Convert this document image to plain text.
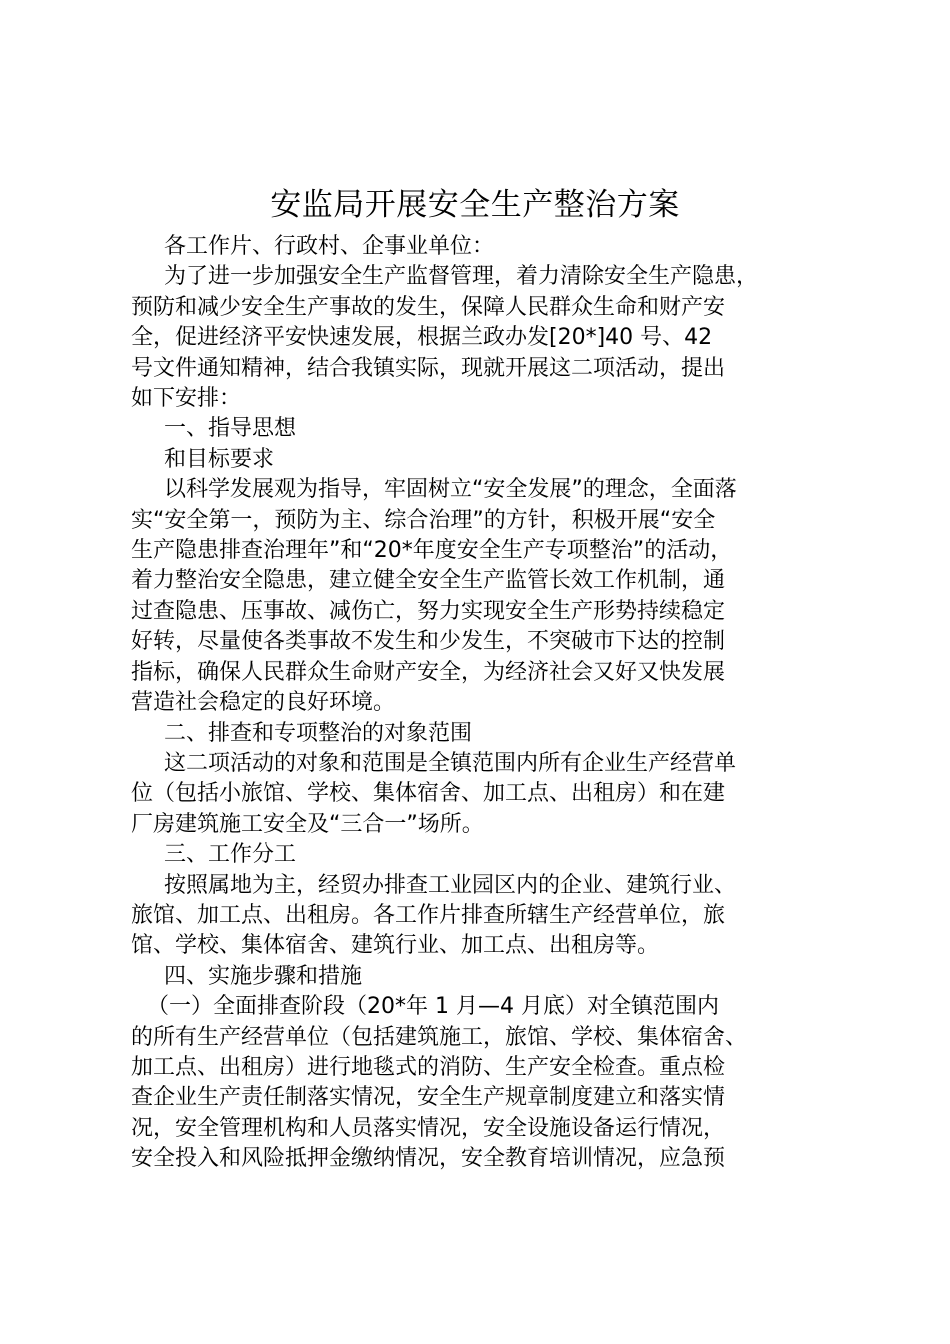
安监局开展安全生产整治方案

各工作片、行政村、企事业单位：

为了进一步加强安全生产监督管理，着力清除安全生产隐患，

预防和减少安全生产事故的发生，保障人民群众生命和财产安

全，促进经济平安快速发展，根据兰政办发[20*]40 号、42

号文件通知精神，结合我镇实际，现就开展这二项活动，提出

如下安排：

一、指导思想

和目标要求

以科学发展观为指导，牢固树立“安全发展”的理念，全面落

实“安全第一，预防为主、综合治理”的方针，积极开展“安全

生产隐患排查治理年”和“20*年度安全生产专项整治”的活动，

着力整治安全隐患，建立健全安全生产监管长效工作机制，通

过查隐患、压事故、减伤亡，努力实现安全生产形势持续稳定

好转，尽量使各类事故不发生和少发生，不突破市下达的控制

指标，确保人民群众生命财产安全，为经济社会又好又快发展

营造社会稳定的良好环境。

二、排查和专项整治的对象范围

这二项活动的对象和范围是全镇范围内所有企业生产经营单

位（包括小旅馆、学校、集体宿舍、加工点、出租房）和在建

厂房建筑施工安全及“三合一”场所。

三、工作分工

按照属地为主，经贸办排查工业园区内的企业、建筑行业、

旅馆、加工点、出租房。各工作片排查所辖生产经营单位，旅

馆、学校、集体宿舍、建筑行业、加工点、出租房等。

四、实施步骤和措施

（一）全面排查阶段（20*年 1 月—4 月底）对全镇范围内

的所有生产经营单位（包括建筑施工，旅馆、学校、集体宿舍、

加工点、出租房）进行地毯式的消防、生产安全检查。重点检

查企业生产责任制落实情况，安全生产规章制度建立和落实情

况，安全管理机构和人员落实情况，安全设施设备运行情况，

安全投入和风险抵押金缴纳情况，安全教育培训情况，应急预
